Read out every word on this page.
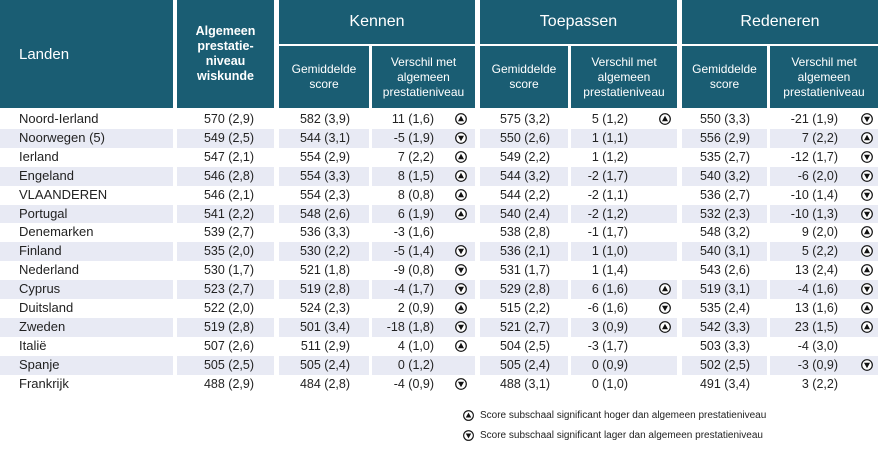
Landen
Algemeen
prestatie-
niveau
wiskunde
Kennen	Toepassen	Redeneren
Gemiddelde
score
Verschil met
algemeen
prestatieniveau
Gemiddelde
score
Verschil met
algemeen
prestatieniveau
Gemiddelde
score
Verschil met
algemeen
prestatieniveau
Noord-Ierland	570 (2,9)	582 (3,9)	11 (1,6)	575 (3,2)	5 (1,2)	550 (3,3)	-21 (1,9)
Noorwegen (5)	549 (2,5)	544 (3,1)	-5 (1,9)	550 (2,6)	1 (1,1)	556 (2,9)	7 (2,2)
Ierland	547 (2,1)	554 (2,9)	7 (2,2)	549 (2,2)	1 (1,2)	535 (2,7)	-12 (1,7)
Engeland	546 (2,8)	554 (3,3)	8 (1,5)	544 (3,2)	-2 (1,7)	540 (3,2)	-6 (2,0)
VLAANDEREN	546 (2,1)	554 (2,3)	8 (0,8)	544 (2,2)	-2 (1,1)	536 (2,7)	-10 (1,4)
Portugal	541 (2,2)	548 (2,6)	6 (1,9)	540 (2,4)	-2 (1,2)	532 (2,3)	-10 (1,3)
Denemarken	539 (2,7)	536 (3,3)	-3 (1,6)	538 (2,8)	-1 (1,7)	548 (3,2)	9 (2,0)
Finland	535 (2,0)	530 (2,2)	-5 (1,4)	536 (2,1)	1 (1,0)	540 (3,1)	5 (2,2)
Nederland	530 (1,7)	521 (1,8)	-9 (0,8)	531 (1,7)	1 (1,4)	543 (2,6)	13 (2,4)
Cyprus	523 (2,7)	519 (2,8)	-4 (1,7)	529 (2,8)	6 (1,6)	519 (3,1)	-4 (1,6)
Duitsland	522 (2,0)	524 (2,3)	2 (0,9)	515 (2,2)	-6 (1,6)	535 (2,4)	13 (1,6)
Zweden	519 (2,8)	501 (3,4)	-18 (1,8)	521 (2,7)	3 (0,9)	542 (3,3)	23 (1,5)
Italië	507 (2,6)	511 (2,9)	4 (1,0)	504 (2,5)	-3 (1,7)	503 (3,3)	-4 (3,0)
Spanje	505 (2,5)	505 (2,4)	0 (1,2)	505 (2,4)	0 (0,9)	502 (2,5)	-3 (0,9)
Frankrijk	488 (2,9)	484 (2,8)	-4 (0,9)	488 (3,1)	0 (1,0)	491 (3,4)	3 (2,2)
Score subschaal significant hoger dan algemeen prestatieniveau
Score subschaal significant lager dan algemeen prestatieniveau
